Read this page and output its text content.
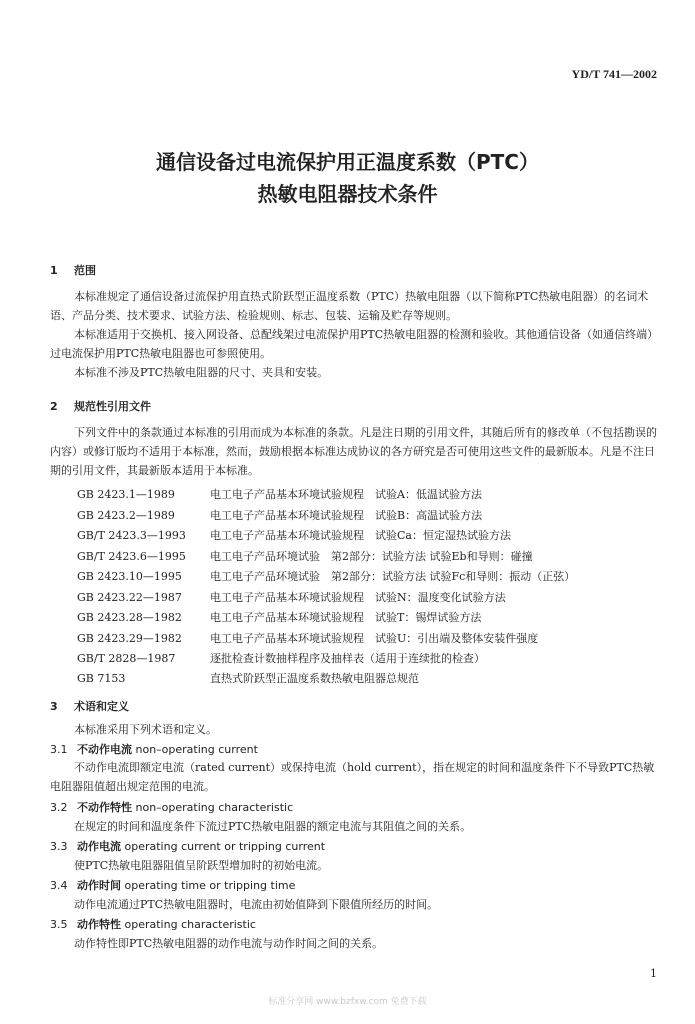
YD/T 741—2002
通信设备过电流保护用正温度系数（PTC）
热敏电阻器技术条件
1 范围
本标准规定了通信设备过流保护用直热式阶跃型正温度系数（PTC）热敏电阻器（以下简称PTC热敏电阻器）的名词术语、产品分类、技术要求、试验方法、检验规则、标志、包装、运输及贮存等规则。
本标准适用于交换机、接入网设备、总配线架过电流保护用PTC热敏电阻器的检测和验收。其他通信设备（如通信终端）过电流保护用PTC热敏电阻器也可参照使用。
本标准不涉及PTC热敏电阻器的尺寸、夹具和安装。
2 规范性引用文件
下列文件中的条款通过本标准的引用而成为本标准的条款。凡是注日期的引用文件，其随后所有的修改单（不包括勘误的内容）或修订版均不适用于本标准，然而，鼓励根据本标准达成协议的各方研究是否可使用这些文件的最新版本。凡是不注日期的引用文件，其最新版本适用于本标准。
GB 2423.1—1989	电工电子产品基本环境试验规程　试验A：低温试验方法
GB 2423.2—1989	电工电子产品基本环境试验规程　试验B：高温试验方法
GB/T 2423.3—1993 电工电子产品基本环境试验规程　试验Ca：恒定湿热试验方法
GB/T 2423.6—1995 电工电子产品环境试验　第2部分：试验方法 试验Eb和导则：碰撞
GB 2423.10—1995	电工电子产品环境试验　第2部分：试验方法 试验Fc和导则：振动（正弦）
GB 2423.22—1987	电工电子产品基本环境试验规程　试验N：温度变化试验方法
GB 2423.28—1982	电工电子产品基本环境试验规程　试验T：锡焊试验方法
GB 2423.29—1982	电工电子产品基本环境试验规程　试验U：引出端及整体安装件强度
GB/T 2828—1987	逐批检查计数抽样程序及抽样表（适用于连续批的检查）
GB 7153	直热式阶跃型正温度系数热敏电阻器总规范
3 术语和定义
本标准采用下列术语和定义。
3.1 不动作电流 non–operating current
不动作电流即额定电流（rated current）或保持电流（hold current），指在规定的时间和温度条件下不导致PTC热敏电阻器阻值超出规定范围的电流。
3.2 不动作特性 non–operating characteristic
在规定的时间和温度条件下流过PTC热敏电阻器的额定电流与其阻值之间的关系。
3.3 动作电流 operating current or tripping current
使PTC热敏电阻器阻值呈阶跃型增加时的初始电流。
3.4 动作时间 operating time or tripping time
动作电流通过PTC热敏电阻器时，电流由初始值降到下限值所经历的时间。
3.5 动作特性 operating characteristic
动作特性即PTC热敏电阻器的动作电流与动作时间之间的关系。
1
标准分享网 www.bzfxw.com 免费下载
